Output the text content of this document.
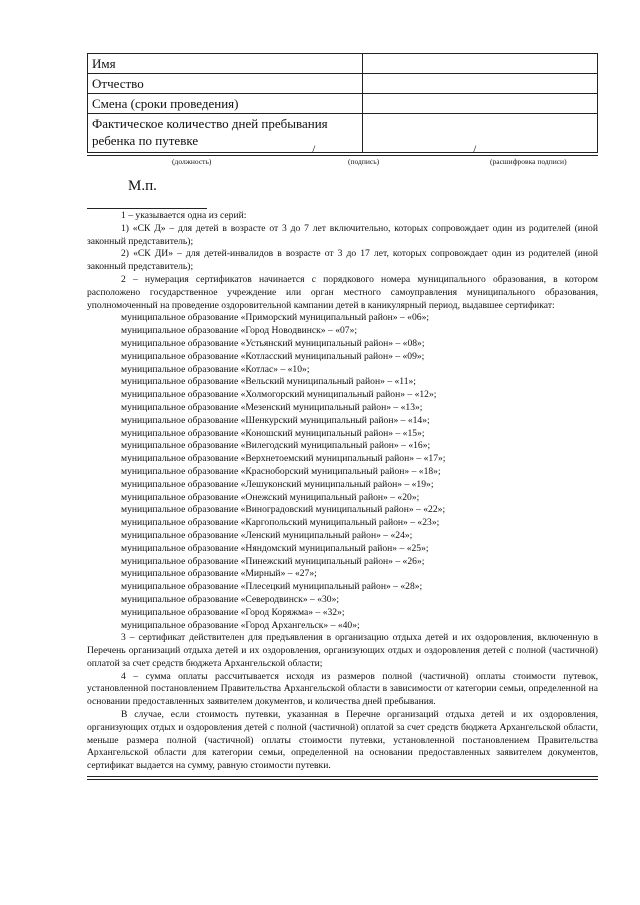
Имя	
Отчество	
Смена (сроки проведения)	
Фактическое количество дней пребывания ребенка по путевке	
/	/
(должность)	(подпись)	(расшифровка подписи)
М.п.

1 – указывается одна из серий:

1) «СК Д» – для детей в возрасте от 3 до 7 лет включительно, которых сопровождает один из родителей (иной законный представитель);

2) «СК ДИ» – для детей-инвалидов в возрасте от 3 до 17 лет, которых сопровождает один из родителей (иной законный представитель);

2 – нумерация сертификатов начинается с порядкового номера муниципального образования, в котором расположено государственное учреждение или орган местного самоуправления муниципального образования, уполномоченный на проведение оздоровительной кампании детей в каникулярный период, выдавшее сертификат:

муниципальное образование «Приморский муниципальный район» – «06»;

муниципальное образование «Город Новодвинск» – «07»;

муниципальное образование «Устьянский муниципальный район» – «08»;

муниципальное образование «Котласский муниципальный район» – «09»;

муниципальное образование «Котлас» – «10»;

муниципальное образование «Вельский муниципальный район» – «11»;

муниципальное образование «Холмогорский муниципальный район» – «12»;

муниципальное образование «Мезенский муниципальный район» – «13»;

муниципальное образование «Шенкурский муниципальный район» – «14»;

муниципальное образование «Коношский муниципальный район» – «15»;

муниципальное образование «Вилегодский муниципальный район» – «16»;

муниципальное образование «Верхнетоемский муниципальный район» – «17»;

муниципальное образование «Красноборский муниципальный район» – «18»;

муниципальное образование «Лешуконский муниципальный район» – «19»;

муниципальное образование «Онежский муниципальный район» – «20»;

муниципальное образование «Виноградовский муниципальный район» – «22»;

муниципальное образование «Каргопольский муниципальный район» – «23»;

муниципальное образование «Ленский муниципальный район» – «24»;

муниципальное образование «Няндомский муниципальный район» – «25»;

муниципальное образование «Пинежский муниципальный район» – «26»;

муниципальное образование «Мирный» – «27»;

муниципальное образование «Плесецкий муниципальный район» – «28»;

муниципальное образование «Северодвинск» – «30»;

муниципальное образование «Город Коряжма» – «32»;

муниципальное образование «Город Архангельск» – «40»;

3 – сертификат действителен для предъявления в организацию отдыха детей и их оздоровления, включенную в Перечень организаций отдыха детей и их оздоровления, организующих отдых и оздоровления детей с полной (частичной) оплатой за счет средств бюджета Архангельской области;

4 – сумма оплаты рассчитывается исходя из размеров полной (частичной) оплаты стоимости путевок, установленной постановлением Правительства Архангельской области в зависимости от категории семьи, определенной на основании предоставленных заявителем документов, и количества дней пребывания.

В случае, если стоимость путевки, указанная в Перечне организаций отдыха детей и их оздоровления, организующих отдых и оздоровления детей с полной (частичной) оплатой за счет средств бюджета Архангельской области, меньше размера полной (частичной) оплаты стоимости путевки, установленной постановлением Правительства Архангельской области для категории семьи, определенной на основании предоставленных заявителем документов, сертификат выдается на сумму, равную стоимости путевки.
